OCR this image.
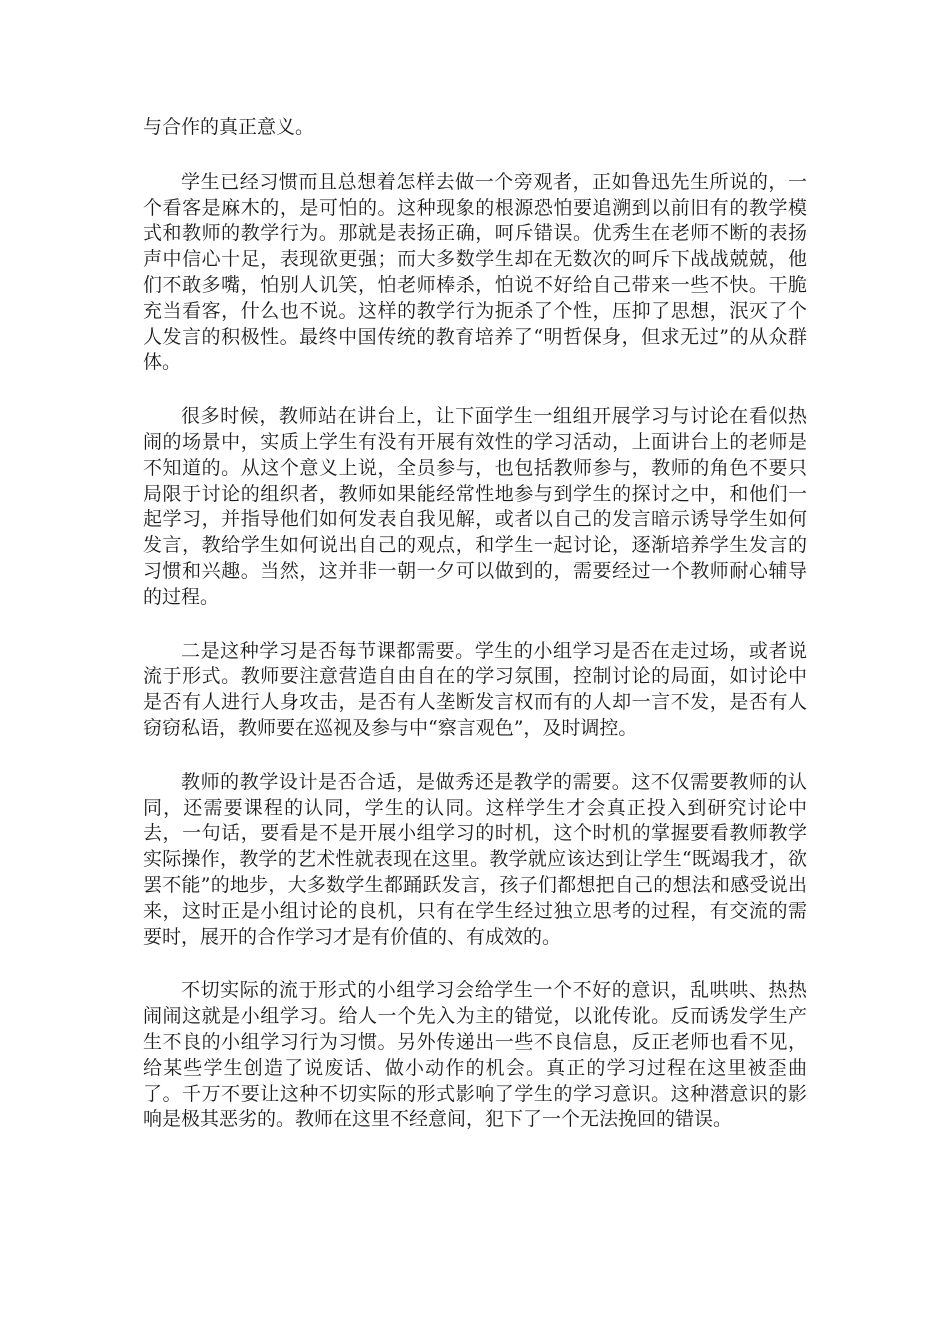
与合作的真正意义。

学生已经习惯而且总想着怎样去做一个旁观者，正如鲁迅先生所说的，一个看客是麻木的，是可怕的。这种现象的根源恐怕要追溯到以前旧有的教学模式和教师的教学行为。那就是表扬正确，呵斥错误。优秀生在老师不断的表扬声中信心十足，表现欲更强；而大多数学生却在无数次的呵斥下战战兢兢，他们不敢多嘴，怕别人讥笑，怕老师棒杀，怕说不好给自己带来一些不快。干脆充当看客，什么也不说。这样的教学行为扼杀了个性，压抑了思想，泯灭了个人发言的积极性。最终中国传统的教育培养了“明哲保身，但求无过”的从众群体。

很多时候，教师站在讲台上，让下面学生一组组开展学习与讨论在看似热闹的场景中，实质上学生有没有开展有效性的学习活动，上面讲台上的老师是不知道的。从这个意义上说，全员参与，也包括教师参与，教师的角色不要只局限于讨论的组织者，教师如果能经常性地参与到学生的探讨之中，和他们一起学习，并指导他们如何发表自我见解，或者以自己的发言暗示诱导学生如何发言，教给学生如何说出自己的观点，和学生一起讨论，逐渐培养学生发言的习惯和兴趣。当然，这并非一朝一夕可以做到的，需要经过一个教师耐心辅导的过程。

二是这种学习是否每节课都需要。学生的小组学习是否在走过场，或者说流于形式。教师要注意营造自由自在的学习氛围，控制讨论的局面，如讨论中是否有人进行人身攻击，是否有人垄断发言权而有的人却一言不发，是否有人窃窃私语，教师要在巡视及参与中“察言观色”，及时调控。

教师的教学设计是否合适，是做秀还是教学的需要。这不仅需要教师的认同，还需要课程的认同，学生的认同。这样学生才会真正投入到研究讨论中去，一句话，要看是不是开展小组学习的时机，这个时机的掌握要看教师教学实际操作，教学的艺术性就表现在这里。教学就应该达到让学生“既竭我才，欲罢不能”的地步，大多数学生都踊跃发言，孩子们都想把自己的想法和感受说出来，这时正是小组讨论的良机，只有在学生经过独立思考的过程，有交流的需要时，展开的合作学习才是有价值的、有成效的。

不切实际的流于形式的小组学习会给学生一个不好的意识，乱哄哄、热热闹闹这就是小组学习。给人一个先入为主的错觉，以讹传讹。反而诱发学生产生不良的小组学习行为习惯。另外传递出一些不良信息，反正老师也看不见，给某些学生创造了说废话、做小动作的机会。真正的学习过程在这里被歪曲了。千万不要让这种不切实际的形式影响了学生的学习意识。这种潜意识的影响是极其恶劣的。教师在这里不经意间，犯下了一个无法挽回的错误。
